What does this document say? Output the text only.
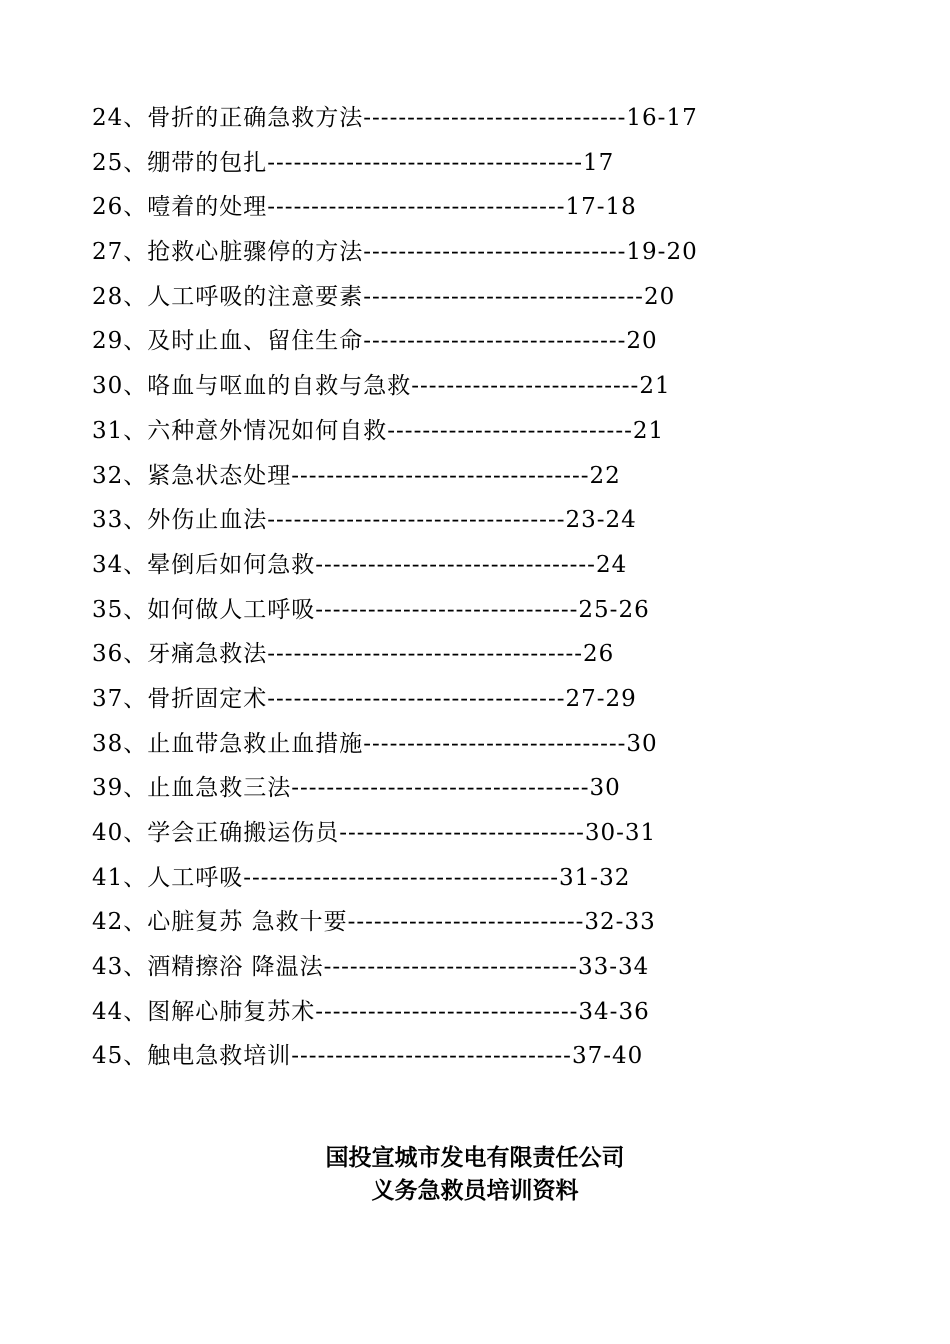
24、骨折的正确急救方法------------------------------16-17
25、绷带的包扎------------------------------------17
26、噎着的处理----------------------------------17-18
27、抢救心脏骤停的方法------------------------------19-20
28、人工呼吸的注意要素--------------------------------20
29、及时止血、留住生命------------------------------20
30、咯血与呕血的自救与急救--------------------------21
31、六种意外情况如何自救----------------------------21
32、紧急状态处理----------------------------------22
33、外伤止血法----------------------------------23-24
34、晕倒后如何急救--------------------------------24
35、如何做人工呼吸------------------------------25-26
36、牙痛急救法------------------------------------26
37、骨折固定术----------------------------------27-29
38、止血带急救止血措施------------------------------30
39、止血急救三法----------------------------------30
40、学会正确搬运伤员----------------------------30-31
41、人工呼吸------------------------------------31-32
42、心脏复苏 急救十要---------------------------32-33
43、酒精擦浴 降温法-----------------------------33-34
44、图解心肺复苏术------------------------------34-36
45、触电急救培训--------------------------------37-40
国投宣城市发电有限责任公司
义务急救员培训资料
